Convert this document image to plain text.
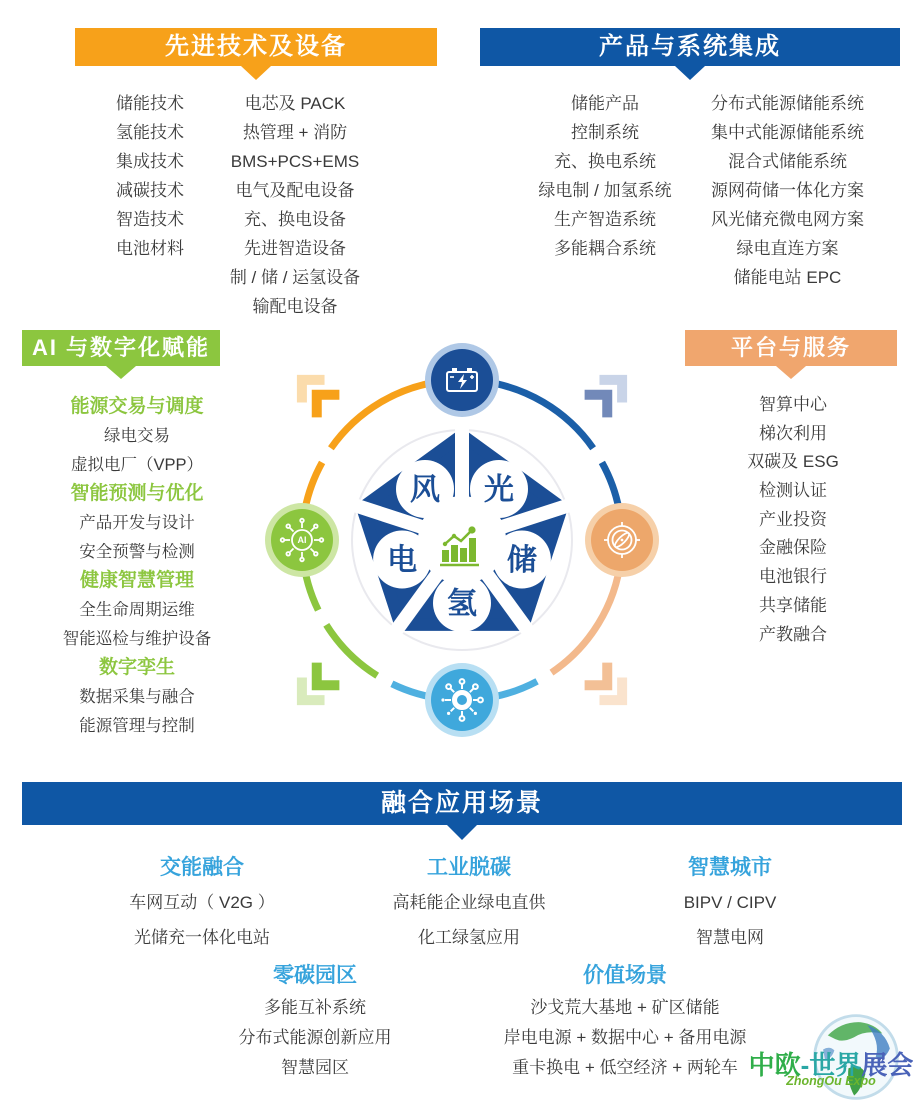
先进技术及设备
储能技术
氢能技术
集成技术
减碳技术
智造技术
电池材料
电芯及 PACK
热管理 + 消防
BMS+PCS+EMS
电气及配电设备
充、换电设备
先进智造设备
制 / 储 / 运氢设备
输配电设备
产品与系统集成
储能产品
控制系统
充、换电系统
绿电制 / 加氢系统
生产智造系统
多能耦合系统
分布式能源储能系统
集中式能源储能系统
混合式储能系统
源网荷储一体化方案
风光储充微电网方案
绿电直连方案
储能电站 EPC
AI 与数字化赋能
能源交易与调度
绿电交易
虚拟电厂（VPP）
智能预测与优化
产品开发与设计
安全预警与检测
健康智慧管理
全生命周期运维
智能巡检与维护设备
数字孪生
数据采集与融合
能源管理与控制
平台与服务
智算中心
梯次利用
双碳及 ESG
检测认证
产业投资
金融保险
电池银行
共享储能
产教融合
风 光
电	储
氢
AI
融合应用场景
交能融合
车网互动（ V2G ）
光储充一体化电站
工业脱碳
高耗能企业绿电直供
化工绿氢应用
智慧城市
BIPV / CIPV
智慧电网
零碳园区
多能互补系统
分布式能源创新应用
智慧园区
价值场景
沙戈荒大基地 + 矿区储能
岸电电源 + 数据中心 + 备用电源
重卡换电 + 低空经济 + 两轮车 中欧-世界展会
ZhongOu Expo
